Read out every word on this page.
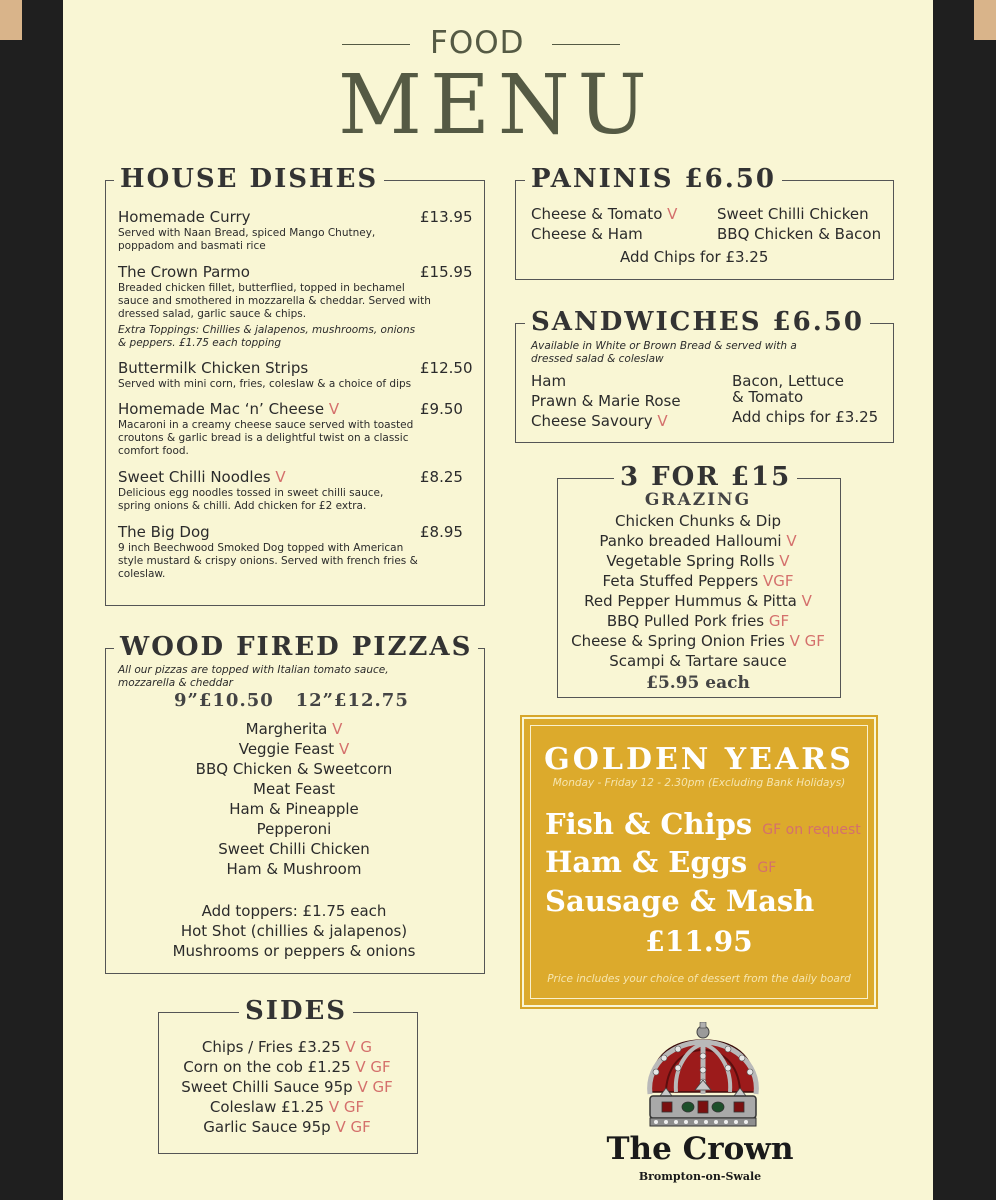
FOOD
MENU
HOUSE DISHES
Homemade Curry	£13.95
Served with Naan Bread, spiced Mango Chutney, poppadom and basmati rice
The Crown Parmo	£15.95
Breaded chicken fillet, butterflied, topped in bechamel sauce and smothered in mozzarella & cheddar. Served with dressed salad, garlic sauce & chips.
Extra Toppings: Chillies & jalapenos, mushrooms, onions & peppers. £1.75 each topping
Buttermilk Chicken Strips	£12.50
Served with mini corn, fries, coleslaw & a choice of dips
Homemade Mac ‘n’ Cheese V	£9.50
Macaroni in a creamy cheese sauce served with toasted croutons & garlic bread is a delightful twist on a classic comfort food.
Sweet Chilli Noodles V	£8.25
Delicious egg noodles tossed in sweet chilli sauce, spring onions & chilli. Add chicken for £2 extra.
The Big Dog	£8.95
9 inch Beechwood Smoked Dog topped with American style mustard & crispy onions. Served with french fries & coleslaw.
PANINIS £6.50
Cheese & Tomato V
Cheese & Ham
Sweet Chilli Chicken
BBQ Chicken & Bacon
Add Chips for £3.25
SANDWICHES £6.50
Available in White or Brown Bread & served with a dressed salad & coleslaw
Ham
Prawn & Marie Rose
Cheese Savoury V
Bacon, Lettuce
& Tomato
Add chips for £3.25
3 FOR £15
GRAZING
Chicken Chunks & Dip
Panko breaded Halloumi V
Vegetable Spring Rolls V
Feta Stuffed Peppers VGF
Red Pepper Hummus & Pitta V
BBQ Pulled Pork fries GF
Cheese & Spring Onion Fries V GF
Scampi & Tartare sauce
£5.95 each
WOOD FIRED PIZZAS
All our pizzas are topped with Italian tomato sauce, mozzarella & cheddar
9”£10.50   12”£12.75
Margherita V
Veggie Feast V
BBQ Chicken & Sweetcorn
Meat Feast
Ham & Pineapple
Pepperoni
Sweet Chilli Chicken
Ham & Mushroom
Add toppers: £1.75 each
Hot Shot (chillies & jalapenos)
Mushrooms or peppers & onions
GOLDEN YEARS
Monday - Friday 12 - 2.30pm (Excluding Bank Holidays)
Fish & Chips GF on request
Ham & Eggs GF
Sausage & Mash
£11.95
Price includes your choice of dessert from the daily board
SIDES
Chips / Fries £3.25 V G
Corn on the cob £1.25 V GF
Sweet Chilli Sauce 95p V GF
Coleslaw £1.25 V GF
Garlic Sauce 95p V GF
The Crown
Brompton-on-Swale
